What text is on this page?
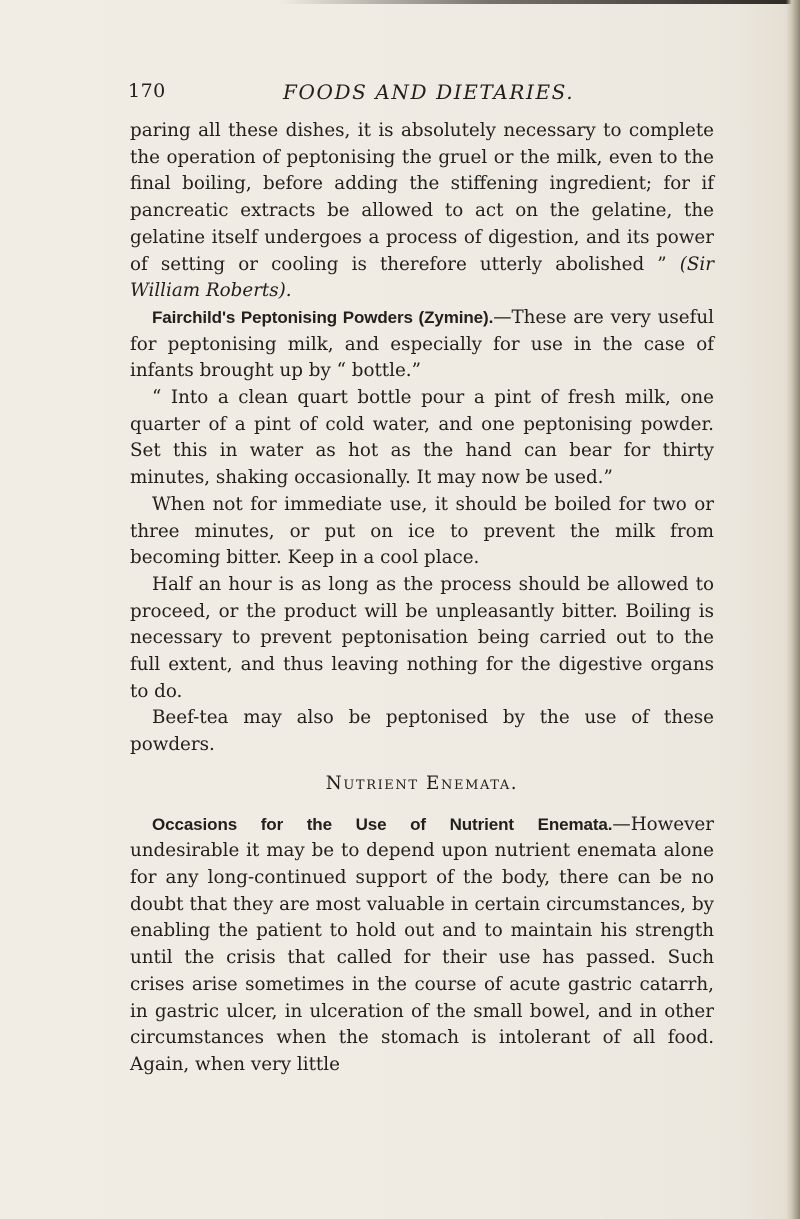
170	FOODS AND DIETARIES.

paring all these dishes, it is absolutely necessary to complete the operation of peptonising the gruel or the milk, even to the final boiling, before adding the stiffening ingredient; for if pancreatic extracts be allowed to act on the gelatine, the gelatine itself undergoes a process of digestion, and its power of setting or cooling is therefore utterly abolished ” (Sir William Roberts).

Fairchild's Peptonising Powders (Zymine).—These are very useful for peptonising milk, and especially for use in the case of infants brought up by “ bottle.”

“ Into a clean quart bottle pour a pint of fresh milk, one quarter of a pint of cold water, and one peptonising powder. Set this in water as hot as the hand can bear for thirty minutes, shaking occasionally. It may now be used.”

When not for immediate use, it should be boiled for two or three minutes, or put on ice to prevent the milk from becoming bitter. Keep in a cool place.

Half an hour is as long as the process should be allowed to proceed, or the product will be unpleasantly bitter. Boiling is necessary to prevent peptonisation being carried out to the full extent, and thus leaving nothing for the digestive organs to do.

Beef-tea may also be peptonised by the use of these powders.

Nutrient Enemata.

Occasions for the Use of Nutrient Enemata.—However undesirable it may be to depend upon nutrient enemata alone for any long-continued support of the body, there can be no doubt that they are most valuable in certain circumstances, by enabling the patient to hold out and to maintain his strength until the crisis that called for their use has passed. Such crises arise sometimes in the course of acute gastric catarrh, in gastric ulcer, in ulceration of the small bowel, and in other circumstances when the stomach is intolerant of all food. Again, when very little
